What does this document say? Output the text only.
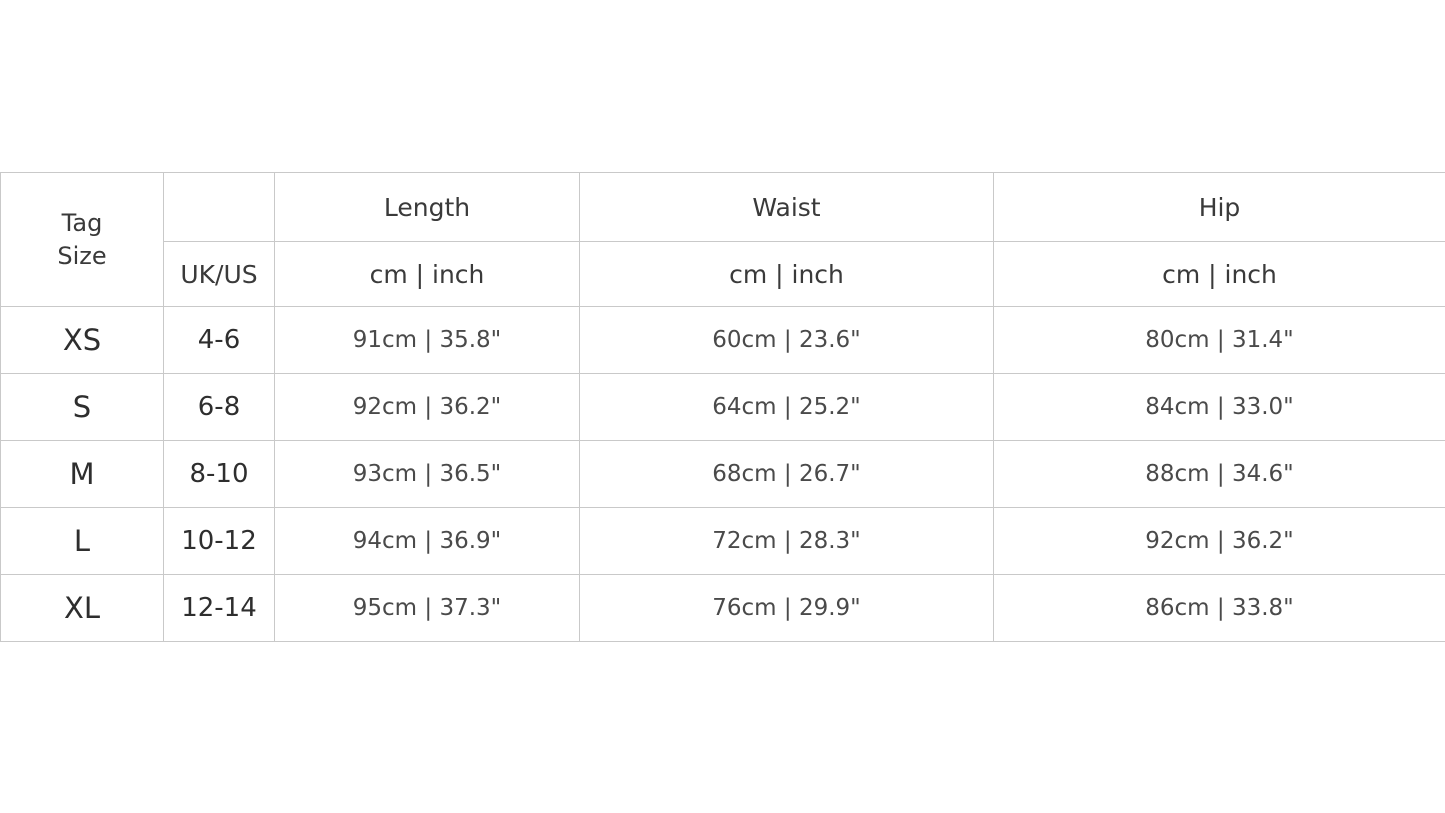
Tag
Size		Length	Waist	Hip
	UK/US	cm | inch	cm | inch	cm | inch
XS	4-6	91cm | 35.8"	60cm | 23.6"	80cm | 31.4"
S	6-8	92cm | 36.2"	64cm | 25.2"	84cm | 33.0"
M	8-10	93cm | 36.5"	68cm | 26.7"	88cm | 34.6"
L	10-12	94cm | 36.9"	72cm | 28.3"	92cm | 36.2"
XL	12-14	95cm | 37.3"	76cm | 29.9"	86cm | 33.8"
